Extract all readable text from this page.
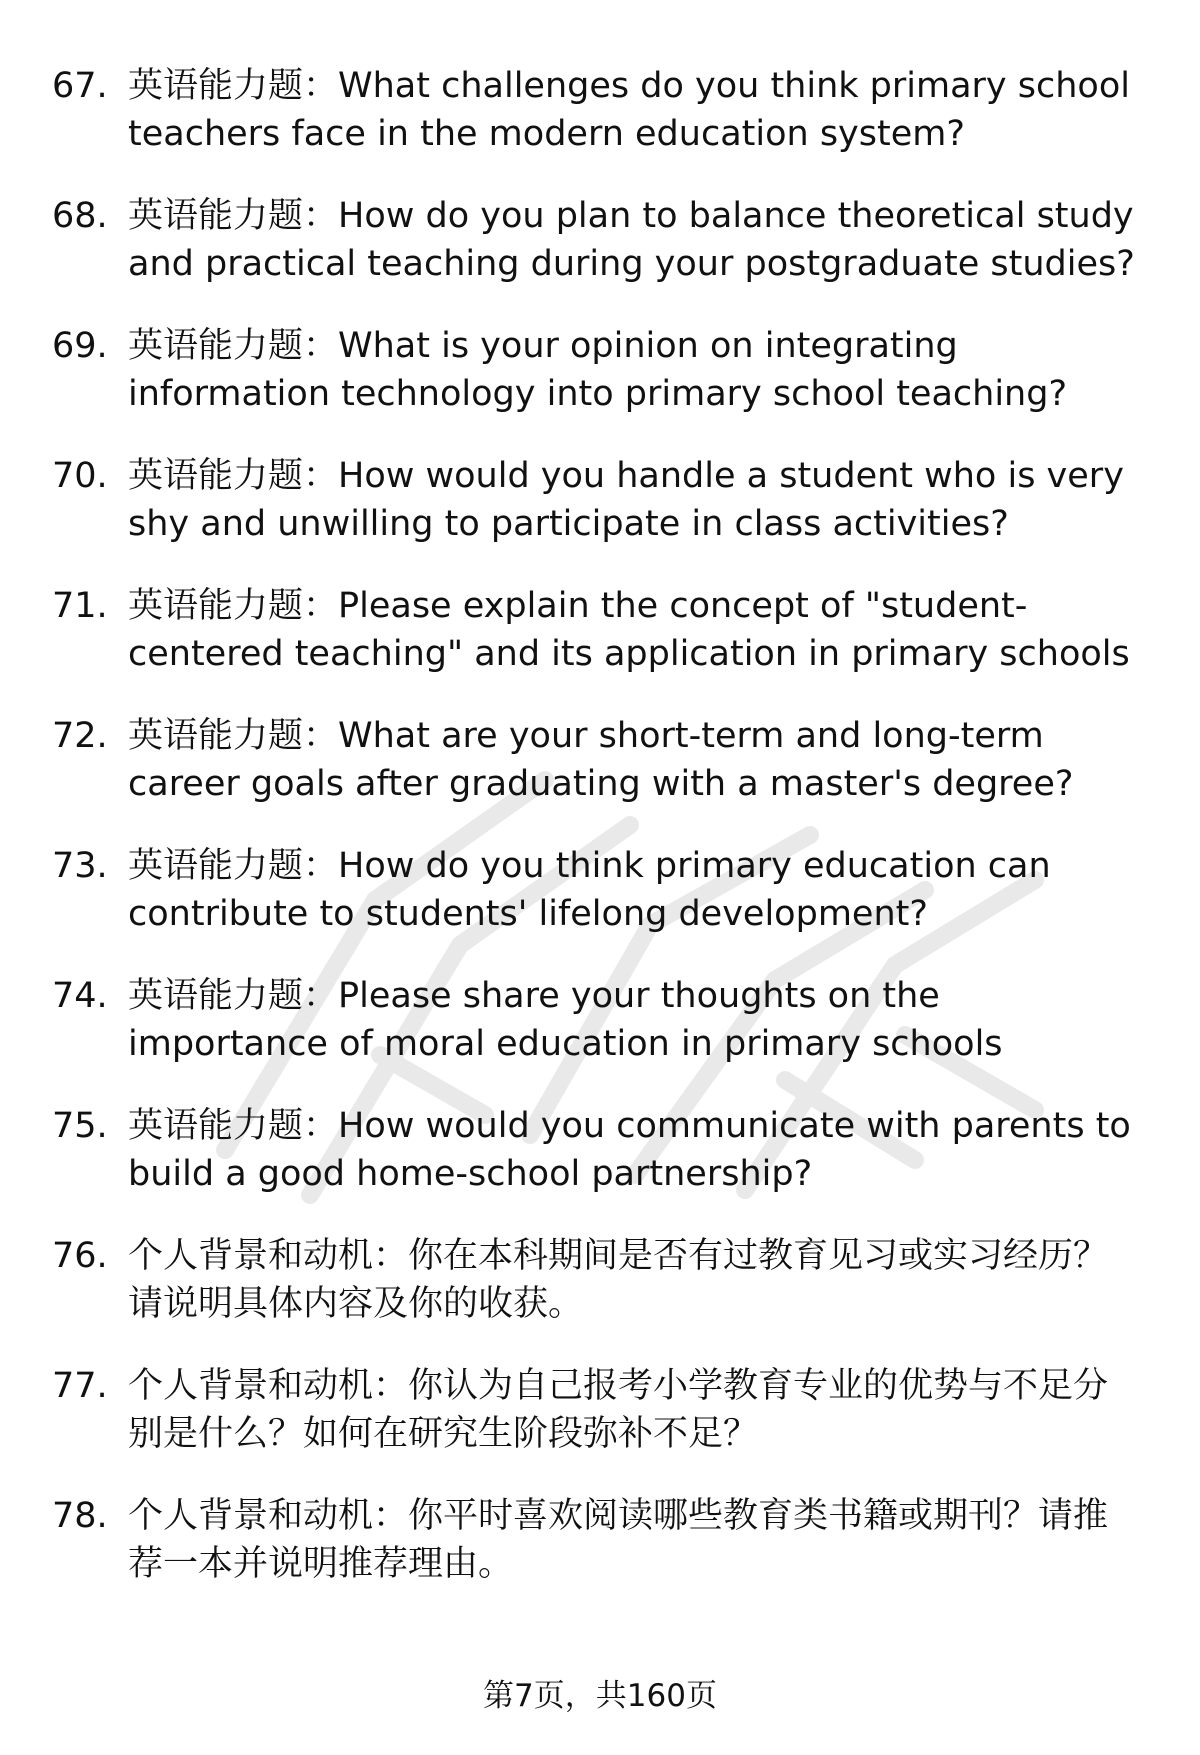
67. 英语能力题：What challenges do you think primary school teachers face in the modern education system?
68. 英语能力题：How do you plan to balance theoretical study and practical teaching during your postgraduate studies?
69. 英语能力题：What is your opinion on integrating information technology into primary school teaching?
70. 英语能力题：How would you handle a student who is very shy and unwilling to participate in class activities?
71. 英语能力题：Please explain the concept of "student-centered teaching" and its application in primary schools
72. 英语能力题：What are your short-term and long-term career goals after graduating with a master's degree?
73. 英语能力题：How do you think primary education can contribute to students' lifelong development?
74. 英语能力题：Please share your thoughts on the importance of moral education in primary schools
75. 英语能力题：How would you communicate with parents to build a good home-school partnership?
76. 个人背景和动机：你在本科期间是否有过教育见习或实习经历？请说明具体内容及你的收获。
77. 个人背景和动机：你认为自己报考小学教育专业的优势与不足分别是什么？如何在研究生阶段弥补不足？
78. 个人背景和动机：你平时喜欢阅读哪些教育类书籍或期刊？请推荐一本并说明推荐理由。
第7页，共160页
